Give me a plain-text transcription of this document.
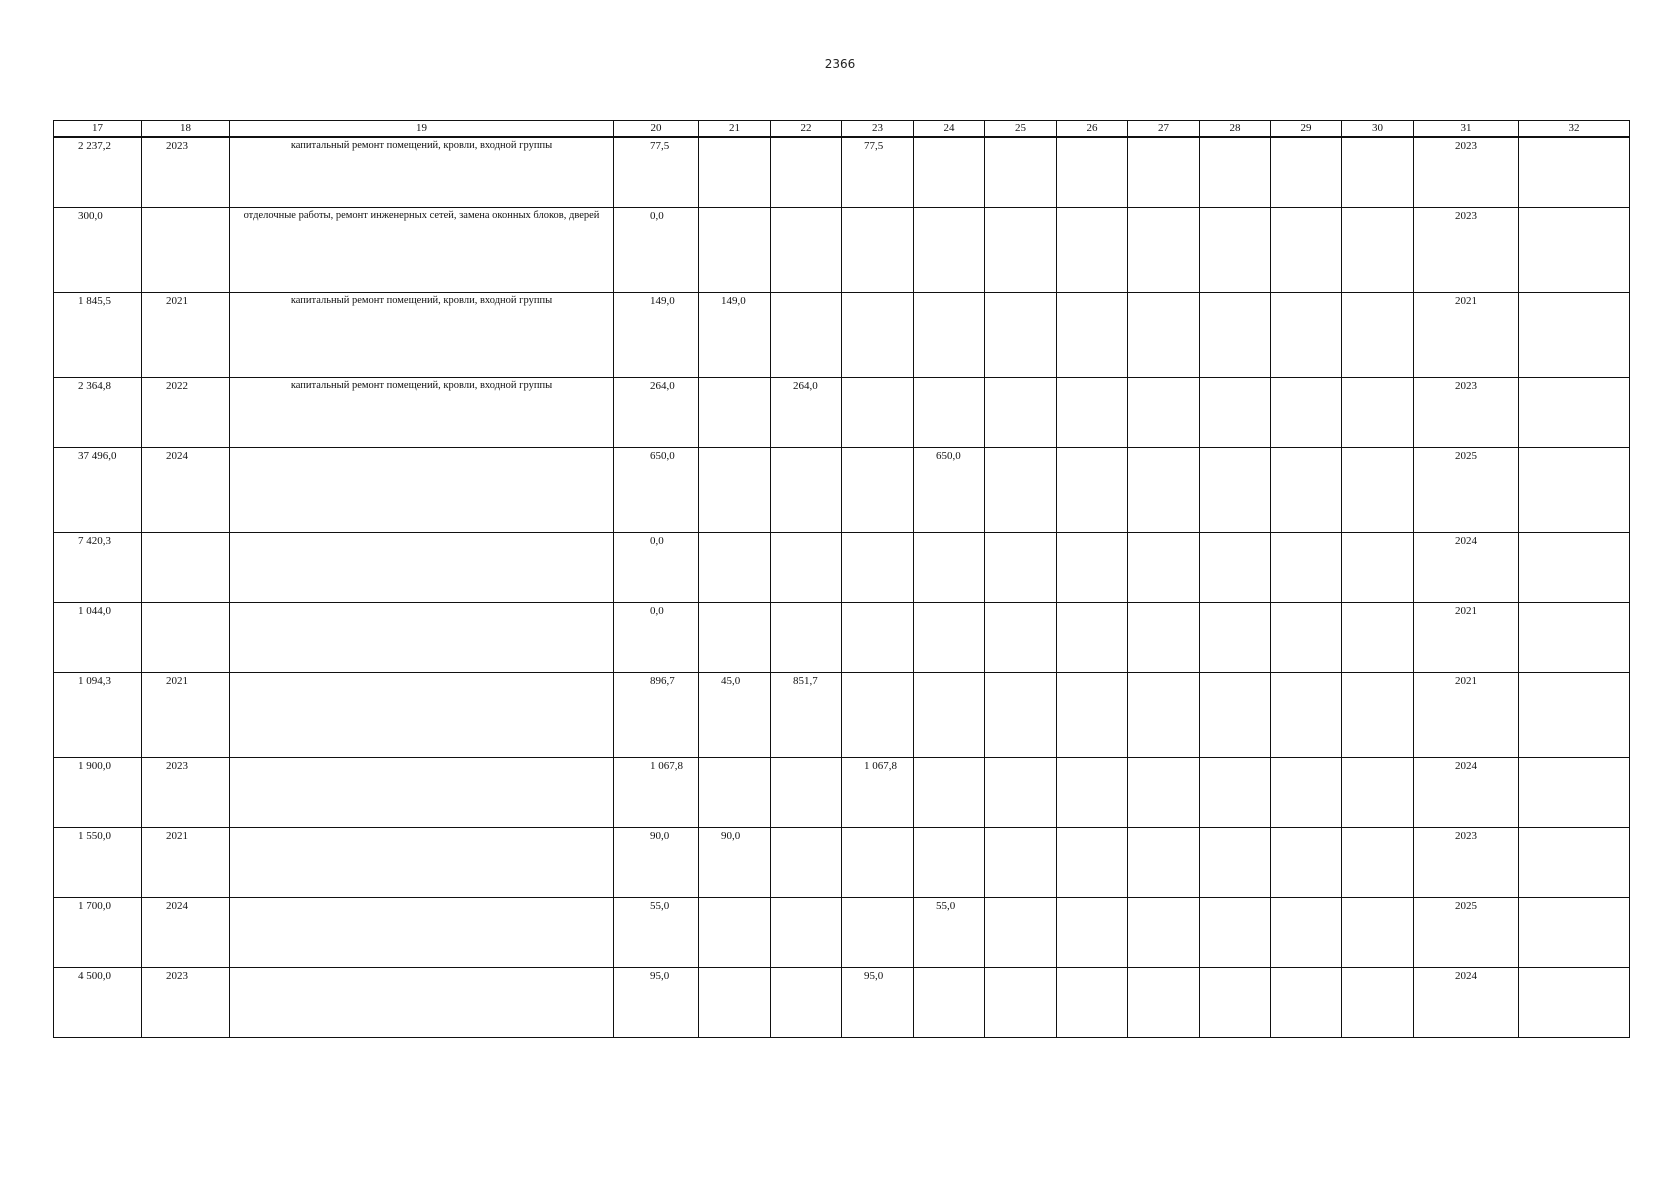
2366
17	18	19	20	21	22	23	24	25	26	27	28	29	30	31	32
2 237,2	2023	капитальный ремонт помещений, кровли, входной группы	77,5			77,5								2023	
300,0		отделочные работы, ремонт инженерных сетей, замена оконных блоков, дверей	0,0											2023	
1 845,5	2021	капитальный ремонт помещений, кровли, входной группы	149,0	149,0										2021	
2 364,8	2022	капитальный ремонт помещений, кровли, входной группы	264,0		264,0									2023	
37 496,0	2024		650,0				650,0							2025	
7 420,3			0,0											2024	
1 044,0			0,0											2021	
1 094,3	2021		896,7	45,0	851,7									2021	
1 900,0	2023		1 067,8			1 067,8								2024	
1 550,0	2021		90,0	90,0										2023	
1 700,0	2024		55,0				55,0							2025	
4 500,0	2023		95,0			95,0								2024	
